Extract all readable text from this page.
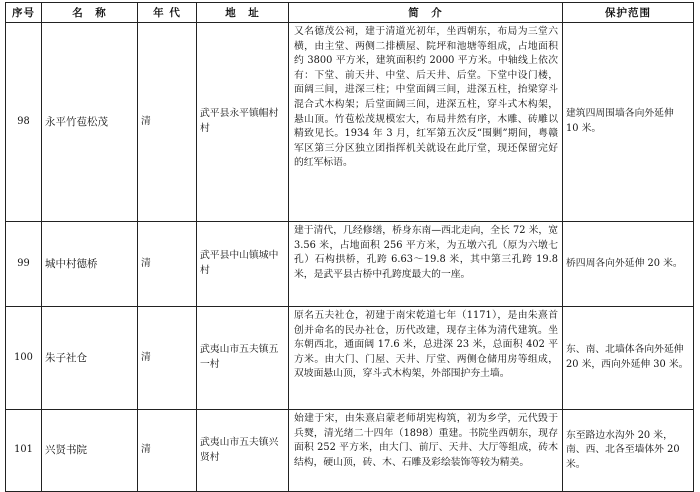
序号	名　称	年 代	地　址	简　介	保护范围
98	永平竹苞松茂	清	武平县永平镇帽村村	又名德茂公祠，建于清道光初年，坐西朝东，布局为三堂六横，由主堂、两侧二排横屋、院坪和池塘等组成，占地面积约 3800 平方米，建筑面积约 2000 平方米。中轴线上依次有：下堂、前天井、中堂、后天井、后堂。下堂中设门楼，面阔三间，进深三柱；中堂面阔三间，进深五柱，抬梁穿斗混合式木构架；后堂面阔三间，进深五柱，穿斗式木构架，悬山顶。竹苞松茂规模宏大，布局井然有序，木雕、砖雕以精致见长。1934 年 3 月，红军第五次反“围剿”期间，粤赣军区第三分区独立团指挥机关就设在此厅堂，现还保留完好的红军标语。	建筑四周围墙各向外延伸 10 米。
99	城中村德桥	清	武平县中山镇城中村	建于清代，几经修缮，桥身东南—西北走向，全长 72 米，宽 3.56 米，占地面积 256 平方米，为五墩六孔（原为六墩七孔）石构拱桥，孔跨 6.63～19.8 米，其中第三孔跨 19.8 米，是武平县古桥中孔跨度最大的一座。	桥四周各向外延伸 20 米。
100	朱子社仓	清	武夷山市五夫镇五一村	原名五夫社仓，初建于南宋乾道七年（1171），是由朱熹首创并命名的民办社仓，历代改建，现存主体为清代建筑。坐东朝西北，通面阔 17.6 米，总进深 23 米，总面积 402 平方米。由大门、门屋、天井、厅堂、两侧仓储用房等组成，双坡面悬山顶，穿斗式木构架，外部围护夯土墙。	东、南、北墙体各向外延伸 20 米，西向外延伸 30 米。
101	兴贤书院	清	武夷山市五夫镇兴贤村	始建于宋，由朱熹启蒙老师胡宪构筑，初为乡学，元代毁于兵燹，清光绪二十四年（1898）重建。书院坐西朝东，现存面积 252 平方米，由大门、前厅、天井、大厅等组成，砖木结构，硬山顶，砖、木、石雕及彩绘装饰等较为精美。	东至路边水沟外 20 米，南、西、北各至墙体外 20 米。
